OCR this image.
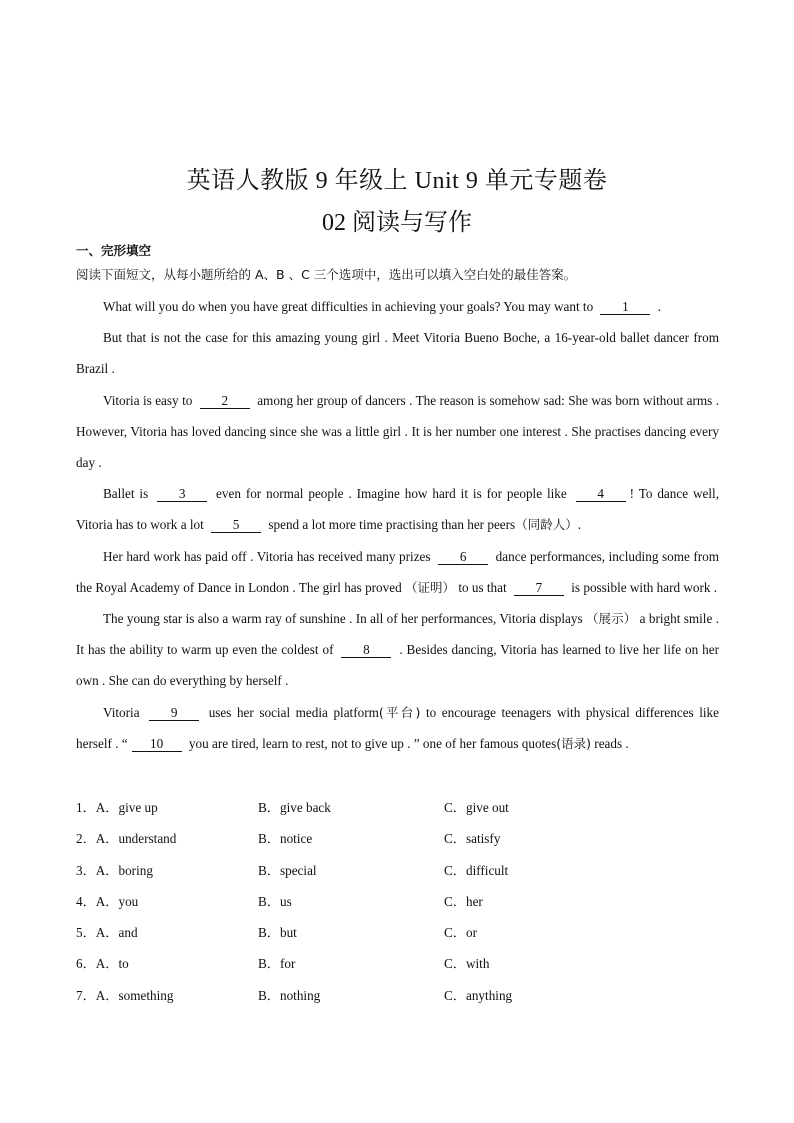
英语人教版 9 年级上 Unit 9 单元专题卷
02 阅读与写作
一、完形填空
阅读下面短文，从每小题所给的 A、B 、C 三个选项中，选出可以填入空白处的最佳答案。

What will you do when you have great difficulties in achieving your goals? You may want to 1 .

But that is not the case for this amazing young girl . Meet Vitoria Bueno Boche, a 16-year-old ballet dancer from Brazil .

Vitoria is easy to 2 among her group of dancers . The reason is somehow sad: She was born without arms . However, Vitoria has loved dancing since she was a little girl . It is her number one interest . She practises dancing every day .

Ballet is 3 even for normal people . Imagine how hard it is for people like 4 ! To dance well, Vitoria has to work a lot 5 spend a lot more time practising than her peers（同龄人）.

Her hard work has paid off . Vitoria has received many prizes 6 dance performances, including some from the Royal Academy of Dance in London . The girl has proved （证明） to us that 7 is possible with hard work .

The young star is also a warm ray of sunshine . In all of her performances, Vitoria displays （展示） a bright smile . It has the ability to warm up even the coldest of 8 . Besides dancing, Vitoria has learned to live her life on her own . She can do everything by herself .

Vitoria 9 uses her social media platform(平台) to encourage teenagers with physical differences like herself . “ 10 you are tired, learn to rest, not to give up . ” one of her famous quotes(语录) reads .

1．A．give up	B．give back	C．give out
2．A．understand	B．notice	C．satisfy
3．A．boring	B．special	C．difficult
4．A．you	B．us	C．her
5．A．and	B．but	C．or
6．A．to	B．for	C．with
7．A．something	B．nothing	C．anything
